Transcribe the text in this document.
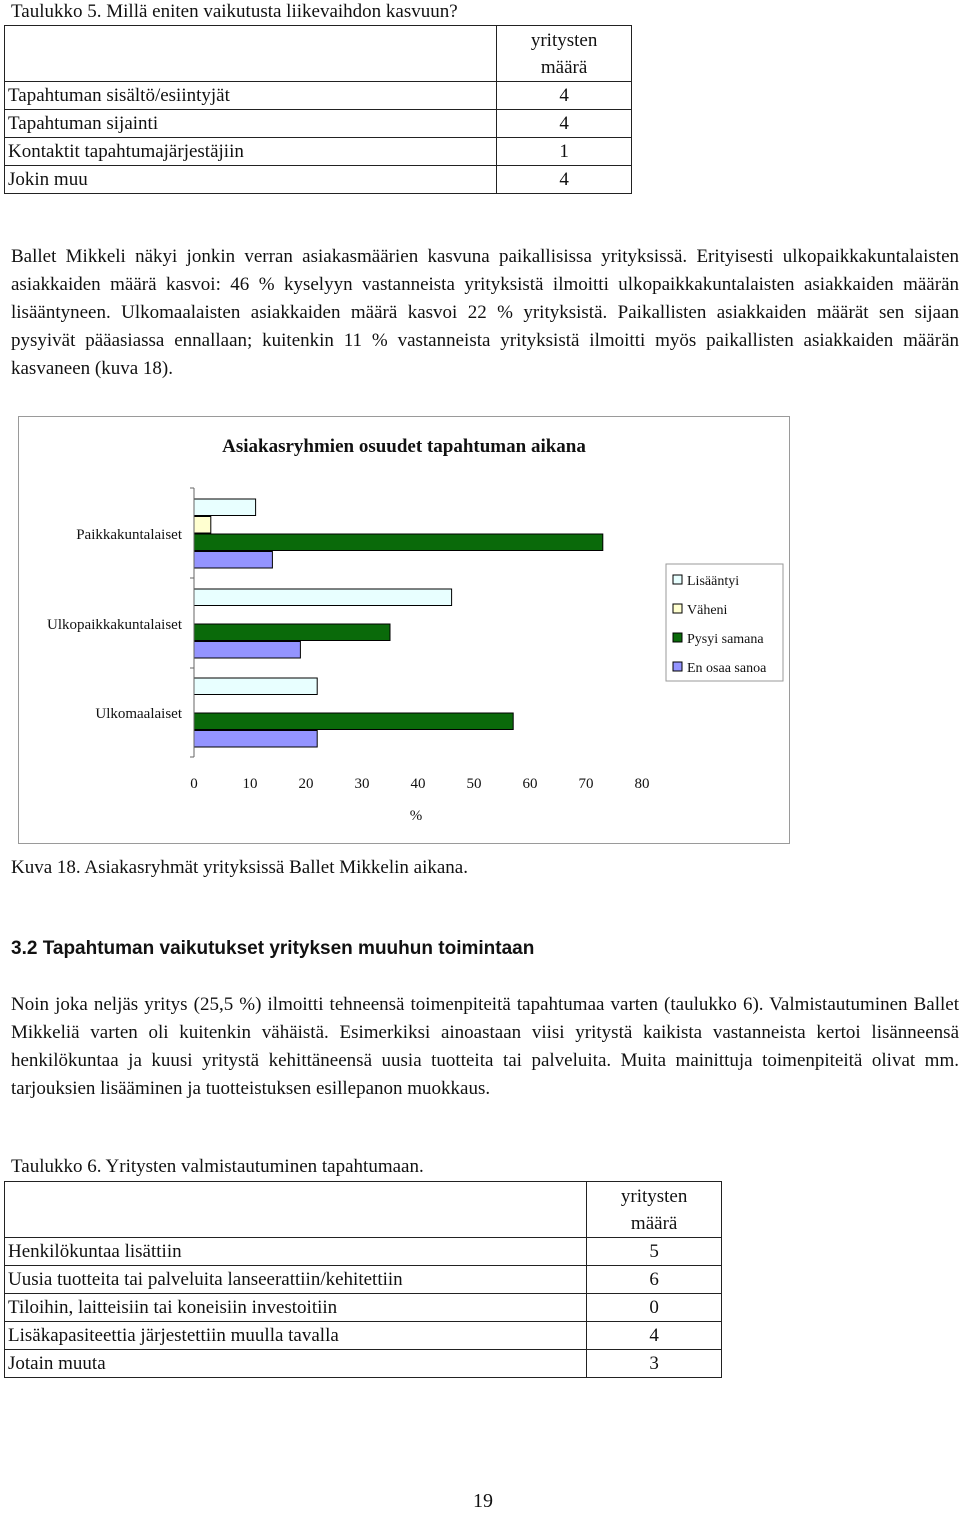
Taulukko 5. Millä eniten vaikutusta liikevaihdon kasvuun?
	yritysten
määrä
Tapahtuman sisältö/esiintyjät	4
Tapahtuman sijainti	4
Kontaktit tapahtumajärjestäjiin	1
Jokin muu	4
Ballet Mikkeli näkyi jonkin verran asiakasmäärien kasvuna paikallisissa yrityksissä. Erityisesti ulkopaikkakuntalaisten asiakkaiden määrä kasvoi: 46 % kyselyyn vastanneista yrityksistä ilmoitti ulkopaikkakuntalaisten asiakkaiden määrän lisääntyneen. Ulkomaalaisten asiakkaiden määrä kasvoi 22 % yrityksistä. Paikallisten asiakkaiden määrät sen sijaan pysyivät pääasiassa ennallaan; kuitenkin 11 % vastanneista yrityksistä ilmoitti myös paikallisten asiakkaiden määrän kasvaneen (kuva 18).
Asiakasryhmien osuudet tapahtuman aikana
Paikkakuntalaiset
Ulkopaikkakuntalaiset
Ulkomaalaiset
0	10	20	30	40	50	60	70	80
%
Lisääntyi
Väheni
Pysyi samana
En osaa sanoa
Kuva 18. Asiakasryhmät yrityksissä Ballet Mikkelin aikana.
3.2 Tapahtuman vaikutukset yrityksen muuhun toimintaan
Noin joka neljäs yritys (25,5 %) ilmoitti tehneensä toimenpiteitä tapahtumaa varten (taulukko 6). Valmistautuminen Ballet Mikkeliä varten oli kuitenkin vähäistä. Esimerkiksi ainoastaan viisi yritystä kaikista vastanneista kertoi lisänneensä henkilökuntaa ja kuusi yritystä kehittäneensä uusia tuotteita tai palveluita. Muita mainittuja toimenpiteitä olivat mm. tarjouksien lisääminen ja tuotteistuksen esillepanon muokkaus.
Taulukko 6. Yritysten valmistautuminen tapahtumaan.
	yritysten
määrä
Henkilökuntaa lisättiin	5
Uusia tuotteita tai palveluita lanseerattiin/kehitettiin	6
Tiloihin, laitteisiin tai koneisiin investoitiin	0
Lisäkapasiteettia järjestettiin muulla tavalla	4
Jotain muuta	3
19
